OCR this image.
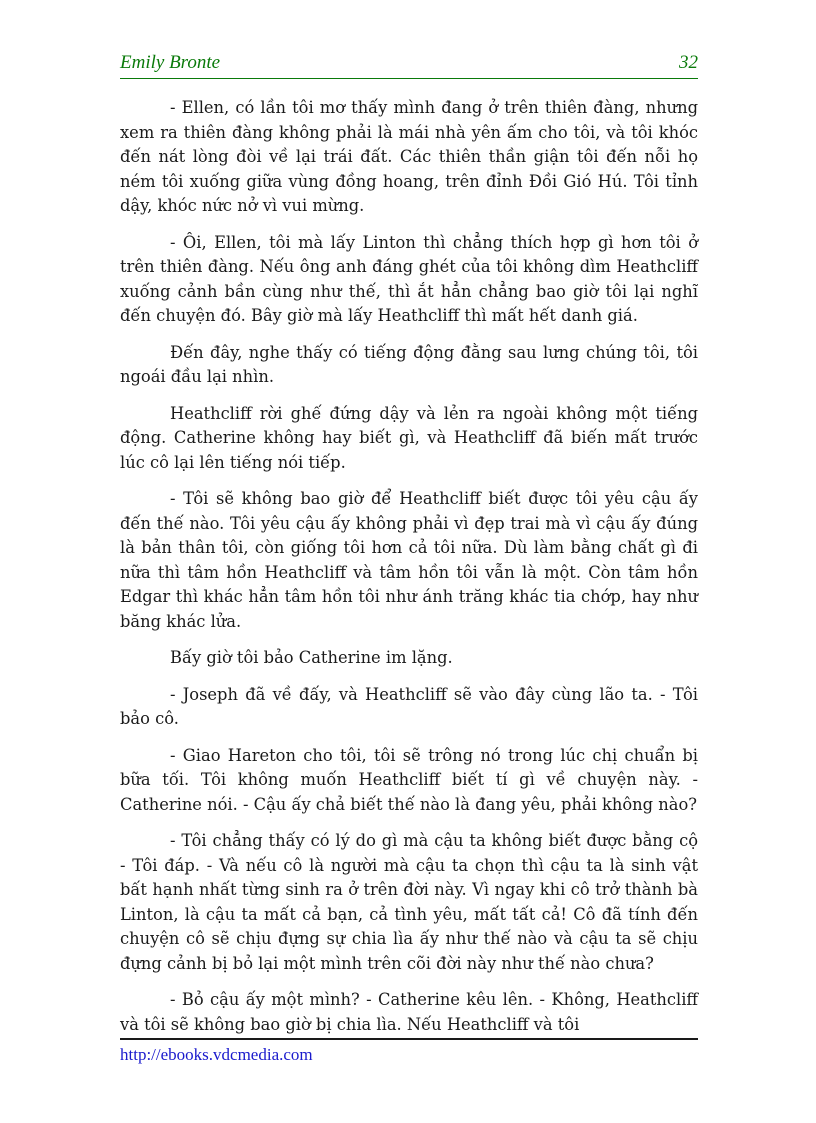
Emily Bronte	32

- Ellen, có lần tôi mơ thấy mình đang ở trên thiên đàng, nhưng xem ra thiên đàng không phải là mái nhà yên ấm cho tôi, và tôi khóc đến nát lòng đòi về lại trái đất. Các thiên thần giận tôi đến nỗi họ ném tôi xuống giữa vùng đồng hoang, trên đỉnh Đồi Gió Hú. Tôi tỉnh dậy, khóc nức nở vì vui mừng.

- Ôi, Ellen, tôi mà lấy Linton thì chẳng thích hợp gì hơn tôi ở trên thiên đàng. Nếu ông anh đáng ghét của tôi không dìm Heathcliff xuống cảnh bần cùng như thế, thì ắt hẳn chẳng bao giờ tôi lại nghĩ đến chuyện đó. Bây giờ mà lấy Heathcliff thì mất hết danh giá.

Đến đây, nghe thấy có tiếng động đằng sau lưng chúng tôi, tôi ngoái đầu lại nhìn.

Heathcliff rời ghế đứng dậy và lẻn ra ngoài không một tiếng động. Catherine không hay biết gì, và Heathcliff đã biến mất trước lúc cô lại lên tiếng nói tiếp.

- Tôi sẽ không bao giờ để Heathcliff biết được tôi yêu cậu ấy đến thế nào. Tôi yêu cậu ấy không phải vì đẹp trai mà vì cậu ấy đúng là bản thân tôi, còn giống tôi hơn cả tôi nữa. Dù làm bằng chất gì đi nữa thì tâm hồn Heathcliff và tâm hồn tôi vẫn là một. Còn tâm hồn Edgar thì khác hẳn tâm hồn tôi như ánh trăng khác tia chớp, hay như băng khác lửa.

Bấy giờ tôi bảo Catherine im lặng.

- Joseph đã về đấy, và Heathcliff sẽ vào đây cùng lão ta. - Tôi bảo cô.

- Giao Hareton cho tôi, tôi sẽ trông nó trong lúc chị chuẩn bị bữa tối. Tôi không muốn Heathcliff biết tí gì về chuyện này. - Catherine nói. - Cậu ấy chả biết thế nào là đang yêu, phải không nào?

- Tôi chẳng thấy có lý do gì mà cậu ta không biết được bằng cộ - Tôi đáp. - Và nếu cô là người mà cậu ta chọn thì cậu ta là sinh vật bất hạnh nhất từng sinh ra ở trên đời này. Vì ngay khi cô trở thành bà Linton, là cậu ta mất cả bạn, cả tình yêu, mất tất cả! Cô đã tính đến chuyện cô sẽ chịu đựng sự chia lìa ấy như thế nào và cậu ta sẽ chịu đựng cảnh bị bỏ lại một mình trên cõi đời này như thế nào chưa?

- Bỏ cậu ấy một mình? - Catherine kêu lên. - Không, Heathcliff và tôi sẽ không bao giờ bị chia lìa. Nếu Heathcliff và tôi

http://ebooks.vdcmedia.com
